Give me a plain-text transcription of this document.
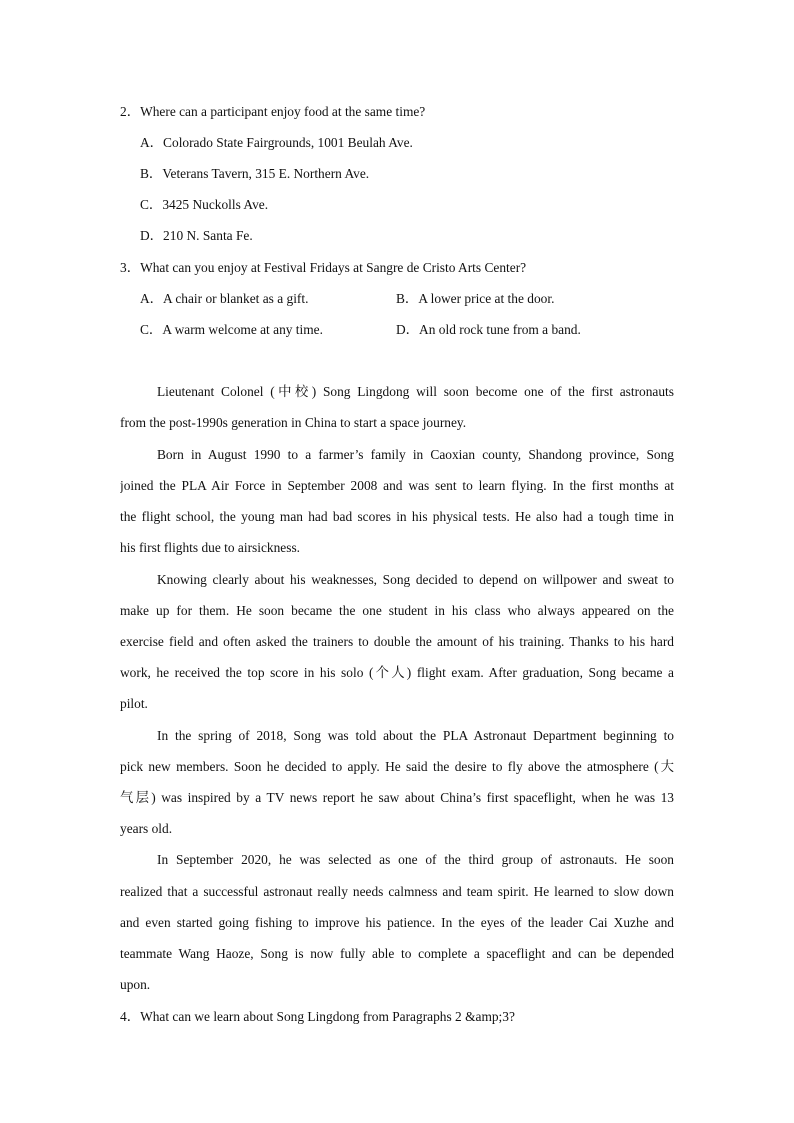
2．Where can a participant enjoy food at the same time?
A．Colorado State Fairgrounds, 1001 Beulah Ave.
B．Veterans Tavern, 315 E. Northern Ave.
C．3425 Nuckolls Ave.
D．210 N. Santa Fe.
3．What can you enjoy at Festival Fridays at Sangre de Cristo Arts Center?
A．A chair or blanket as a gift.	B．A lower price at the door.
C．A warm welcome at any time.	D．An old rock tune from a band.
Lieutenant Colonel (中校) Song Lingdong will soon become one of the first astronauts
from the post-1990s generation in China to start a space journey.
Born in August 1990 to a farmer’s family in Caoxian county, Shandong province, Song
joined the PLA Air Force in September 2008 and was sent to learn flying. In the first months at
the flight school, the young man had bad scores in his physical tests. He also had a tough time in
his first flights due to airsickness.
Knowing clearly about his weaknesses, Song decided to depend on willpower and sweat to
make up for them. He soon became the one student in his class who always appeared on the
exercise field and often asked the trainers to double the amount of his training. Thanks to his hard
work, he received the top score in his solo (个人) flight exam. After graduation, Song became a
pilot.
In the spring of 2018, Song was told about the PLA Astronaut Department beginning to
pick new members. Soon he decided to apply. He said the desire to fly above the atmosphere (大
气层) was inspired by a TV news report he saw about China’s first spaceflight, when he was 13
years old.
In September 2020, he was selected as one of the third group of astronauts. He soon
realized that a successful astronaut really needs calmness and team spirit. He learned to slow down
and even started going fishing to improve his patience. In the eyes of the leader Cai Xuzhe and
teammate Wang Haoze, Song is now fully able to complete a spaceflight and can be depended
upon.
4．What can we learn about Song Lingdong from Paragraphs 2 &amp;3?
